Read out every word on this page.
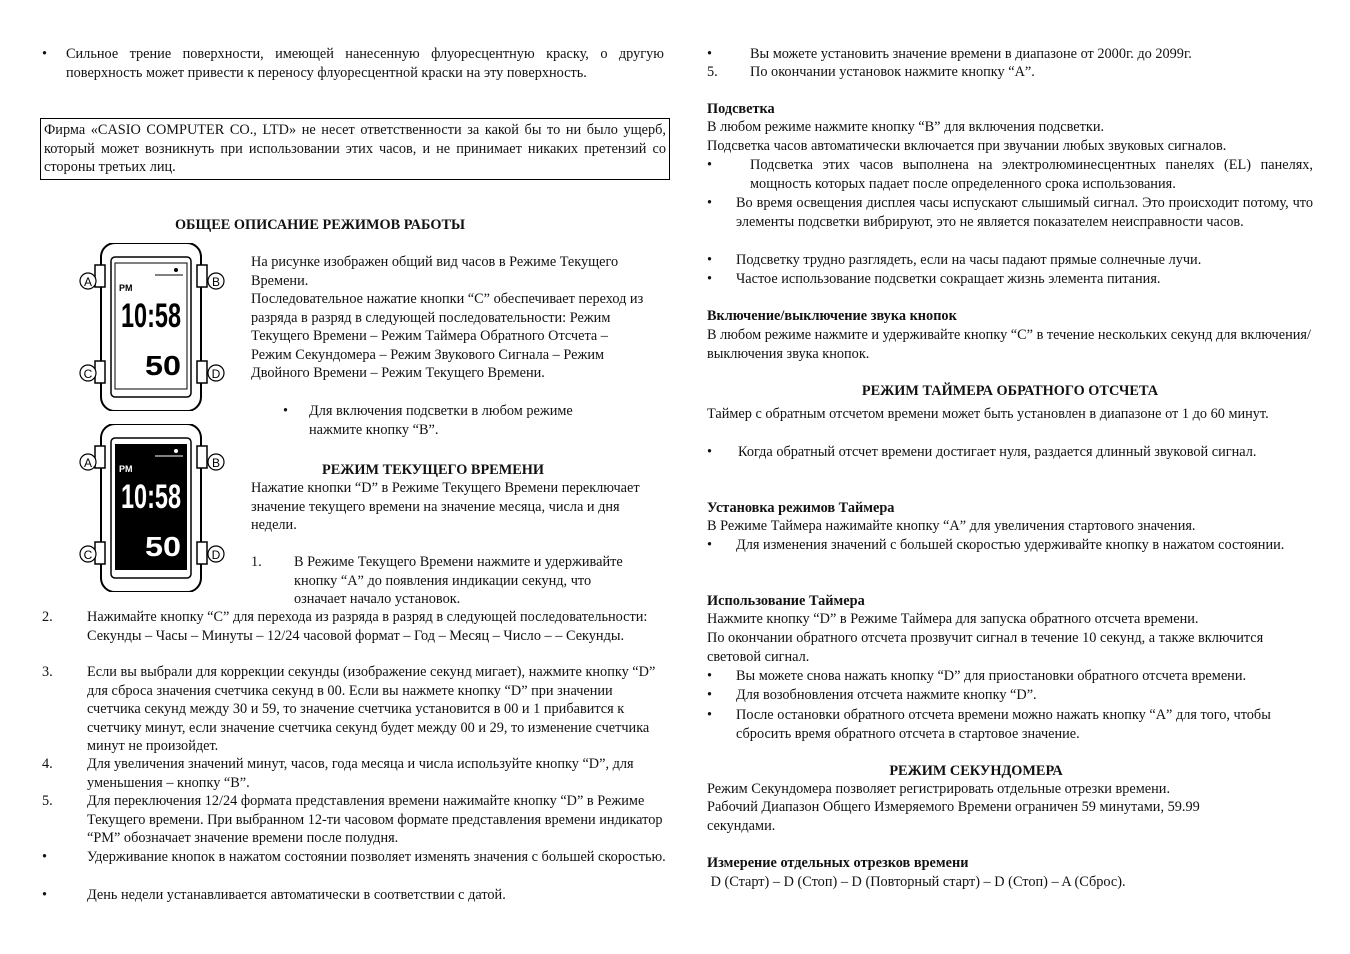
• Сильное трение поверхности, имеющей нанесенную флуоресцентную краску, о другую поверхность может привести к переносу флуоресцентной краски на эту поверхность.
Фирма «CASIO COMPUTER CO., LTD» не несет ответственности за какой бы то ни было ущерб, который может возникнуть при использовании этих часов, и не принимает никаких претензий со стороны третьих лиц.
ОБЩЕЕ ОПИСАНИЕ РЕЖИМОВ РАБОТЫ
A	B
C	D
PM
10:58
50
A	B
C	D
PM
10:58
50
На рисунке изображен общий вид часов в Режиме Текущего Времени.
Последовательное нажатие кнопки “C” обеспечивает переход из разряда в разряд в следующей последовательности: Режим Текущего Времени – Режим Таймера Обратного Отсчета – Режим Секундомера – Режим Звукового Сигнала – Режим Двойного Времени – Режим Текущего Времени.
• Для включения подсветки в любом режиме нажмите кнопку “B”.
РЕЖИМ ТЕКУЩЕГО ВРЕМЕНИ
Нажатие кнопки “D” в Режиме Текущего Времени переключает значение текущего времени на значение месяца, числа и дня недели.
1. В Режиме Текущего Времени нажмите и удерживайте кнопку “A” до появления индикации секунд, что означает начало установок.
2. Нажимайте кнопку “C” для перехода из разряда в разряд в следующей последовательности: Секунды – Часы – Минуты – 12/24 часовой формат – Год – Месяц – Число – – Секунды.
3. Если вы выбрали для коррекции секунды (изображение секунд мигает), нажмите кнопку “D” для сброса значения счетчика секунд в 00. Если вы нажмете кнопку “D” при значении счетчика секунд между 30 и 59, то значение счетчика установится в 00 и 1 прибавится к счетчику минут, если значение счетчика секунд будет между 00 и 29, то изменение счетчика минут не произойдет.
4. Для увеличения значений минут, часов, года месяца и числа используйте кнопку “D”, для уменьшения – кнопку “B”.
5. Для переключения 12/24 формата представления времени нажимайте кнопку “D” в Режиме Текущего времени. При выбранном 12-ти часовом формате представления времени индикатор “PM” обозначает значение времени после полудня.
•	Удерживание кнопок в нажатом состоянии позволяет изменять значения с большей скоростью.
•	День недели устанавливается автоматически в соответствии с датой.
•	Вы можете установить значение времени в диапазоне от 2000г. до 2099г.
5. По окончании установок нажмите кнопку “A”.
Подсветка
В любом режиме нажмите кнопку “B” для включения подсветки.
Подсветка часов автоматически включается при звучании любых звуковых сигналов.
•	Подсветка этих часов выполнена на электролюминесцентных панелях (EL) панелях, мощность которых падает после определенного срока использования.
• Во время освещения дисплея часы испускают слышимый сигнал. Это происходит потому, что элементы подсветки вибрируют, это не является показателем неисправности часов.
• Подсветку трудно разглядеть, если на часы падают прямые солнечные лучи.
• Частое использование подсветки сокращает жизнь элемента питания.
Включение/выключение звука кнопок
В любом режиме нажмите и удерживайте кнопку “C” в течение нескольких секунд для включения/выключения звука кнопок.
РЕЖИМ ТАЙМЕРА ОБРАТНОГО ОТСЧЕТА
Таймер с обратным отсчетом времени может быть установлен в диапазоне от 1 до 60 минут.
• Когда обратный отсчет времени достигает нуля, раздается длинный звуковой сигнал.
Установка режимов Таймера
В Режиме Таймера нажимайте кнопку “A” для увеличения стартового значения.
• Для изменения значений с большей скоростью удерживайте кнопку в нажатом состоянии.
Использование Таймера
Нажмите кнопку “D” в Режиме Таймера для запуска обратного отсчета времени.
По окончании обратного отсчета прозвучит сигнал в течение 10 секунд, а также включится световой сигнал.
• Вы можете снова нажать кнопку “D” для приостановки обратного отсчета времени.
• Для возобновления отсчета нажмите кнопку “D”.
• После остановки обратного отсчета времени можно нажать кнопку “A” для того, чтобы сбросить время обратного отсчета в стартовое значение.
РЕЖИМ СЕКУНДОМЕРА
Режим Секундомера позволяет регистрировать отдельные отрезки времени.
Рабочий Диапазон Общего Измеряемого Времени ограничен 59 минутами, 59.99 секундами.
Измерение отдельных отрезков времени
D (Старт) – D (Стоп) – D (Повторный старт) – D (Стоп) – A (Сброс).
